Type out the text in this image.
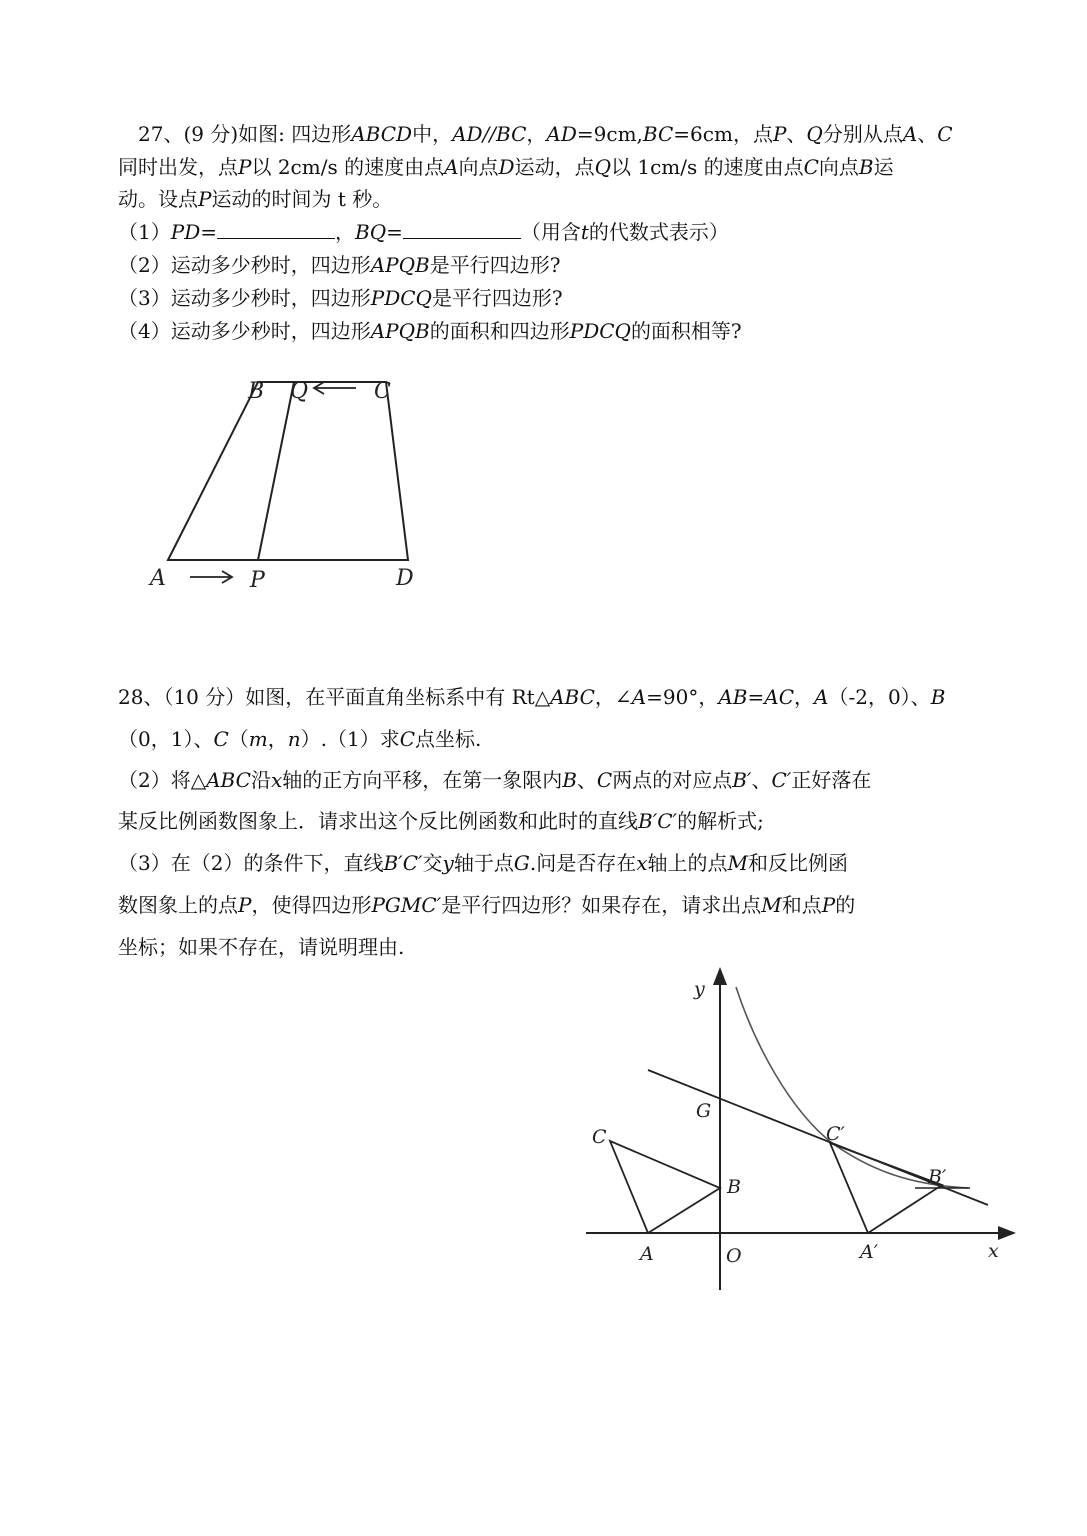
27、(9 分)如图: 四边形ABCD中，AD//BC，AD=9cm,BC=6cm，点P、Q分别从点A、C
同时出发，点P以 2cm/s 的速度由点A向点D运动，点Q以 1cm/s 的速度由点C向点B运
动。设点P运动的时间为 t 秒。
（1）PD=	，BQ=	（用含t的代数式表示）
（2）运动多少秒时，四边形APQB是平行四边形?
（3）运动多少秒时，四边形PDCQ是平行四边形?
（4）运动多少秒时，四边形APQB的面积和四边形PDCQ的面积相等?
B Q	C
A	P	D
28、（10 分）如图，在平面直角坐标系中有 Rt△ABC，∠A=90°，AB=AC，A（-2，0）、B
（0，1）、C（m，n）.（1）求C点坐标.
（2）将△ABC沿x轴的正方向平移，在第一象限内B、C两点的对应点B′、C′正好落在
某反比例函数图象上．请求出这个反比例函数和此时的直线B′C′的解析式;
（3）在（2）的条件下，直线B′C′交y轴于点G.问是否存在x轴上的点M和反比例函
数图象上的点P，使得四边形PGMC′是平行四边形？如果存在，请求出点M和点P的
坐标；如果不存在，请说明理由.
y
x
G
C
B
C′
B′
A	O	A′
